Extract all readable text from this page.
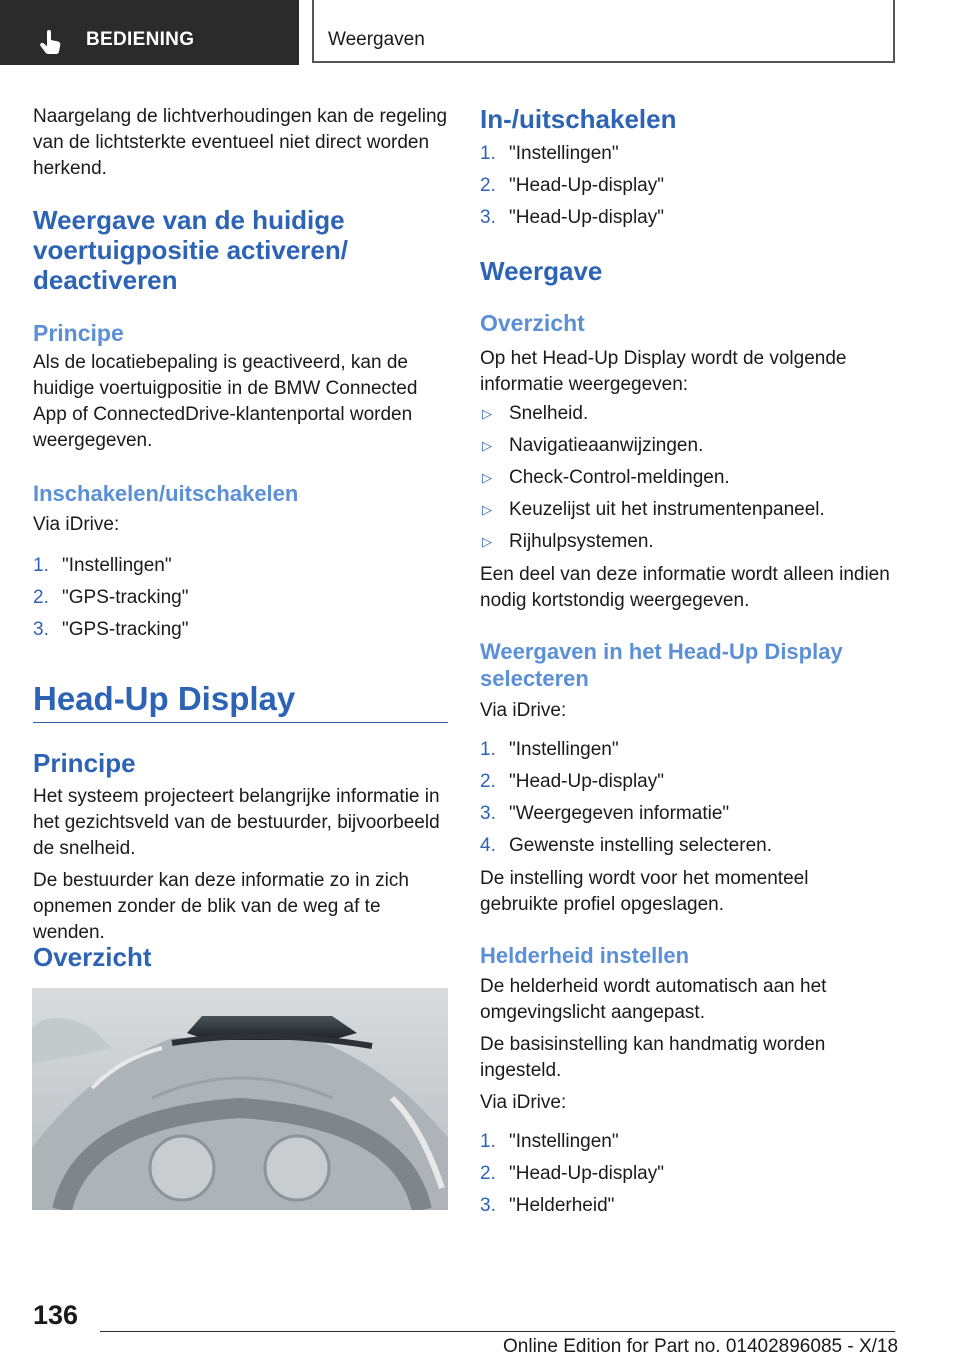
BEDIENING	Weergaven

Naargelang de lichtverhoudingen kan de regeling van de lichtsterkte eventueel niet direct worden herkend.

Weergave van de huidige voertuigpositie activeren/ deactiveren
Principe

Als de locatiebepaling is geactiveerd, kan de huidige voertuigpositie in de BMW Connected App of ConnectedDrive-klantenportal worden weergegeven.

Inschakelen/uitschakelen

Via iDrive:

1. "Instellingen"
2. "GPS-tracking"
3. "GPS-tracking"
Head-Up Display
Principe

Het systeem projecteert belangrijke informatie in het gezichtsveld van de bestuurder, bijvoorbeeld de snelheid.

De bestuurder kan deze informatie zo in zich opnemen zonder de blik van de weg af te wenden.

Overzicht
In-/uitschakelen
1. "Instellingen"
2. "Head-Up-display"
3. "Head-Up-display"
Weergave
Overzicht

Op het Head-Up Display wordt de volgende informatie weergegeven:

▷ Snelheid.
▷ Navigatieaanwijzingen.
▷ Check-Control-meldingen.
▷ Keuzelijst uit het instrumentenpaneel.
▷ Rijhulpsystemen.

Een deel van deze informatie wordt alleen indien nodig kortstondig weergegeven.

Weergaven in het Head-Up Display selecteren

Via iDrive:

1. "Instellingen"
2. "Head-Up-display"
3. "Weergegeven informatie"
4. Gewenste instelling selecteren.

De instelling wordt voor het momenteel gebruikte profiel opgeslagen.

Helderheid instellen

De helderheid wordt automatisch aan het omgevingslicht aangepast.

De basisinstelling kan handmatig worden ingesteld.

Via iDrive:

1. "Instellingen"
2. "Head-Up-display"
3. "Helderheid"
136
Online Edition for Part no. 01402896085 - X/18
